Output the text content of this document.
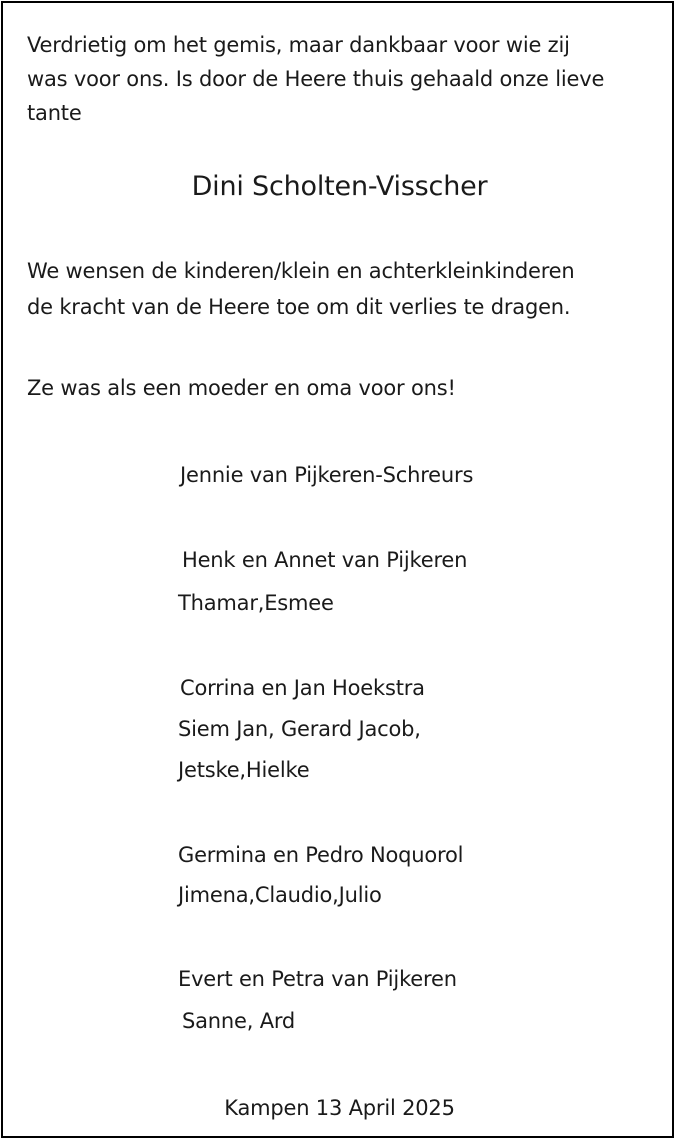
Verdrietig om het gemis, maar dankbaar voor wie zij
was voor ons. Is door de Heere thuis gehaald onze lieve
tante
Dini Scholten-Visscher
We wensen de kinderen/klein en achterkleinkinderen
de kracht van de Heere toe om dit verlies te dragen.
Ze was als een moeder en oma voor ons!
Jennie van Pijkeren-Schreurs
Henk en Annet van Pijkeren
Thamar,Esmee
Corrina en Jan Hoekstra
Siem Jan, Gerard Jacob,
Jetske,Hielke
Germina en Pedro Noquorol
Jimena,Claudio,Julio
Evert en Petra van Pijkeren
Sanne, Ard
Kampen 13 April 2025
